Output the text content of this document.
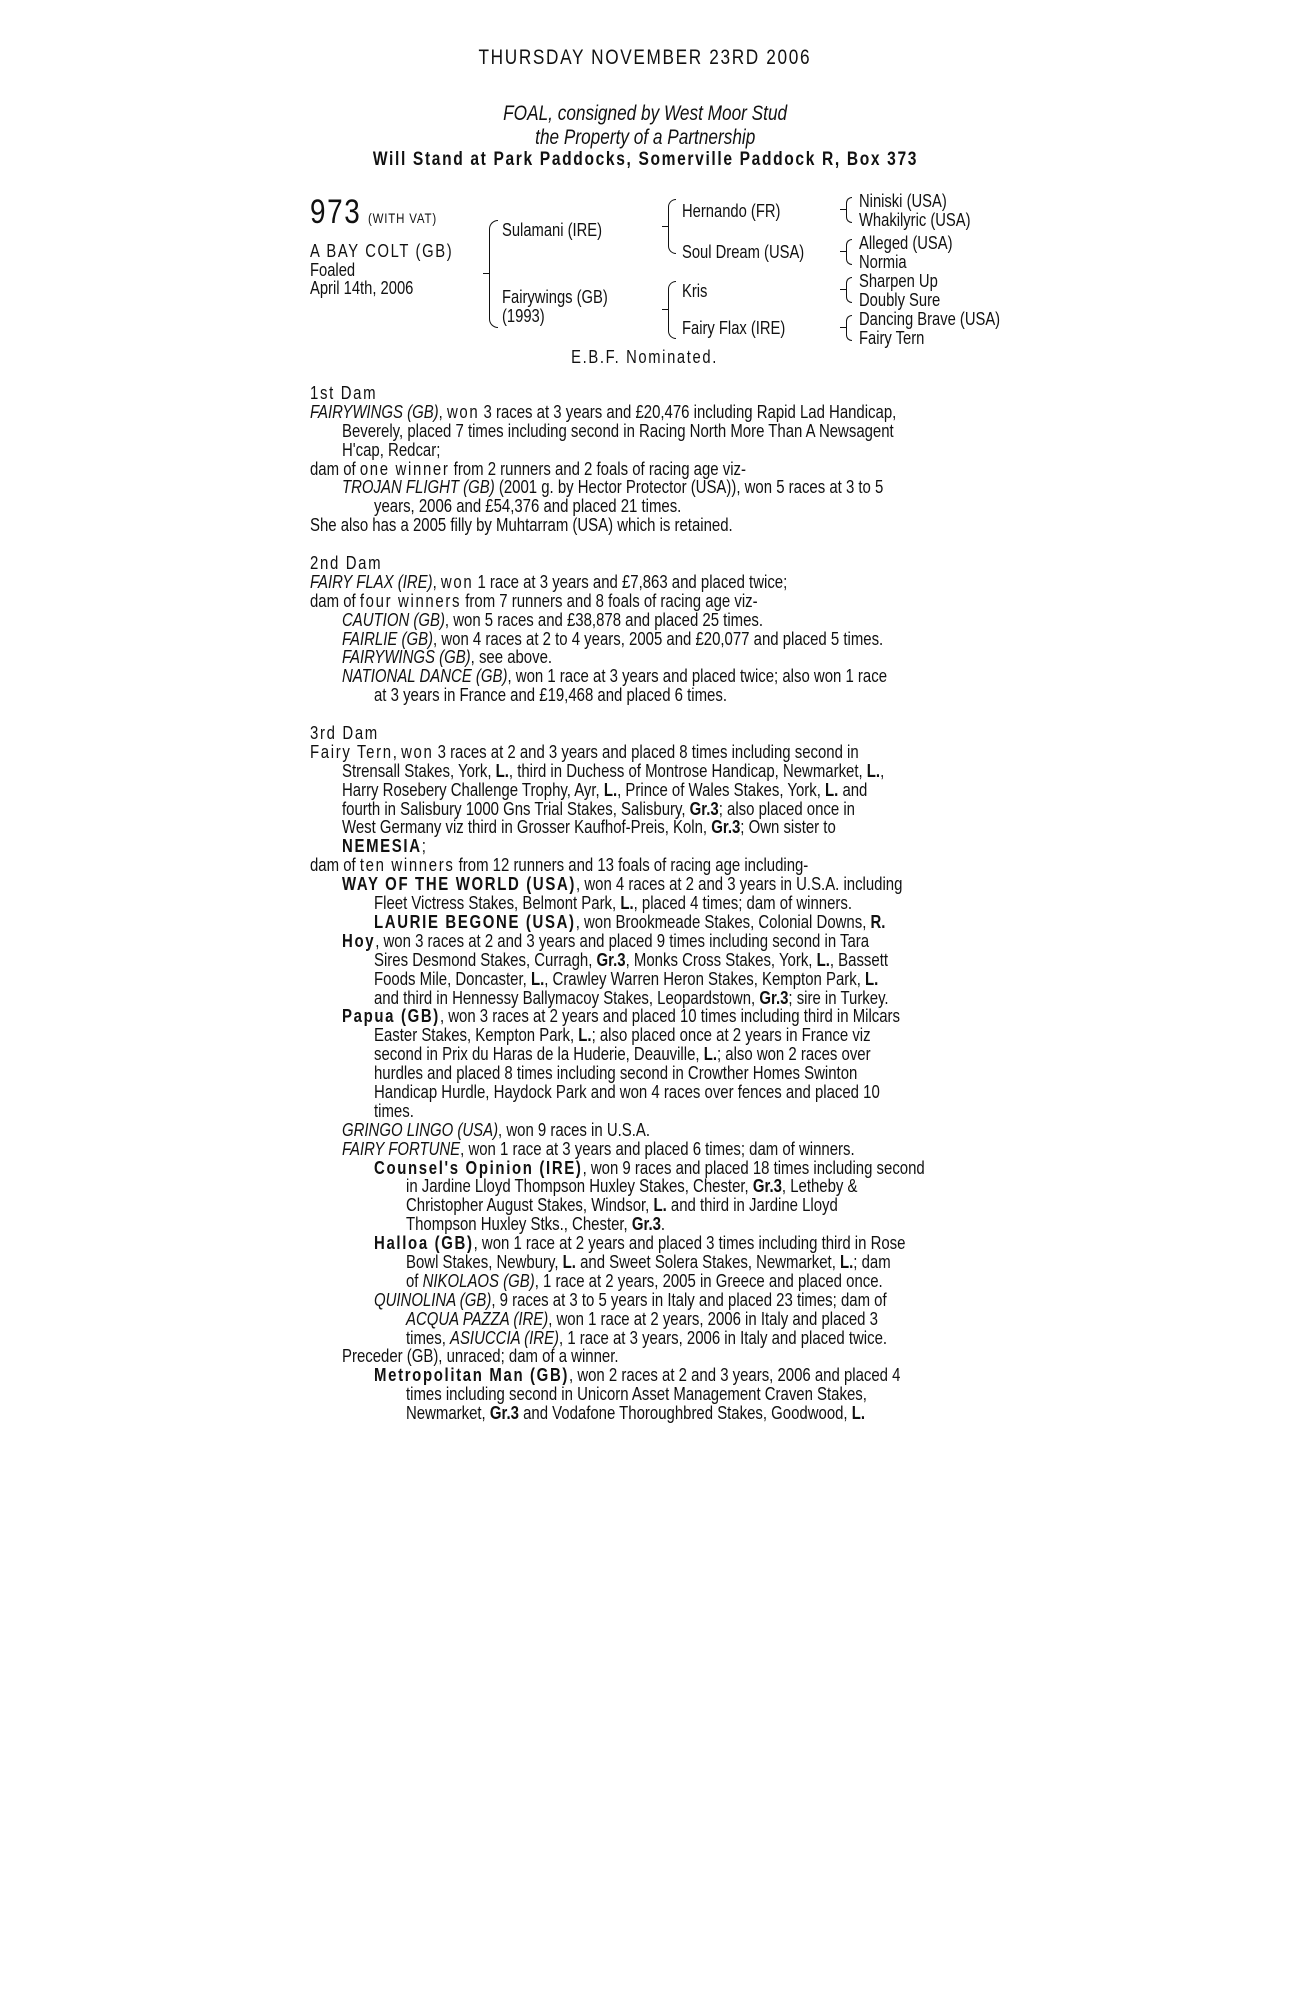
THURSDAY NOVEMBER 23RD 2006
FOAL, consigned by West Moor Stud
the Property of a Partnership
Will Stand at Park Paddocks, Somerville Paddock R, Box 373
973 (WITH VAT)
A BAY COLT (GB)
Foaled
April 14th, 2006
Sulamani (IRE)
Fairywings (GB)
(1993)
Hernando (FR)
Soul Dream (USA)
Kris
Fairy Flax (IRE)
Niniski (USA)
Whakilyric (USA)
Alleged (USA)
Normia
Sharpen Up
Doubly Sure
Dancing Brave (USA)
Fairy Tern
E.B.F. Nominated.
1st Dam
FAIRYWINGS (GB), won 3 races at 3 years and £20,476 including Rapid Lad Handicap,
Beverely, placed 7 times including second in Racing North More Than A Newsagent
H'cap, Redcar;
dam of one winner from 2 runners and 2 foals of racing age viz-
TROJAN FLIGHT (GB) (2001 g. by Hector Protector (USA)), won 5 races at 3 to 5
years, 2006 and £54,376 and placed 21 times.
She also has a 2005 filly by Muhtarram (USA) which is retained.
2nd Dam
FAIRY FLAX (IRE), won 1 race at 3 years and £7,863 and placed twice;
dam of four winners from 7 runners and 8 foals of racing age viz-
CAUTION (GB), won 5 races and £38,878 and placed 25 times.
FAIRLIE (GB), won 4 races at 2 to 4 years, 2005 and £20,077 and placed 5 times.
FAIRYWINGS (GB), see above.
NATIONAL DANCE (GB), won 1 race at 3 years and placed twice; also won 1 race
at 3 years in France and £19,468 and placed 6 times.
3rd Dam
Fairy Tern, won 3 races at 2 and 3 years and placed 8 times including second in
Strensall Stakes, York, L., third in Duchess of Montrose Handicap, Newmarket, L.,
Harry Rosebery Challenge Trophy, Ayr, L., Prince of Wales Stakes, York, L. and
fourth in Salisbury 1000 Gns Trial Stakes, Salisbury, Gr.3; also placed once in
West Germany viz third in Grosser Kaufhof-Preis, Koln, Gr.3; Own sister to
NEMESIA;
dam of ten winners from 12 runners and 13 foals of racing age including-
WAY OF THE WORLD (USA), won 4 races at 2 and 3 years in U.S.A. including
Fleet Victress Stakes, Belmont Park, L., placed 4 times; dam of winners.
LAURIE BEGONE (USA), won Brookmeade Stakes, Colonial Downs, R.
Hoy, won 3 races at 2 and 3 years and placed 9 times including second in Tara
Sires Desmond Stakes, Curragh, Gr.3, Monks Cross Stakes, York, L., Bassett
Foods Mile, Doncaster, L., Crawley Warren Heron Stakes, Kempton Park, L.
and third in Hennessy Ballymacoy Stakes, Leopardstown, Gr.3; sire in Turkey.
Papua (GB), won 3 races at 2 years and placed 10 times including third in Milcars
Easter Stakes, Kempton Park, L.; also placed once at 2 years in France viz
second in Prix du Haras de la Huderie, Deauville, L.; also won 2 races over
hurdles and placed 8 times including second in Crowther Homes Swinton
Handicap Hurdle, Haydock Park and won 4 races over fences and placed 10
times.
GRINGO LINGO (USA), won 9 races in U.S.A.
FAIRY FORTUNE, won 1 race at 3 years and placed 6 times; dam of winners.
Counsel's Opinion (IRE), won 9 races and placed 18 times including second
in Jardine Lloyd Thompson Huxley Stakes, Chester, Gr.3, Letheby &
Christopher August Stakes, Windsor, L. and third in Jardine Lloyd
Thompson Huxley Stks., Chester, Gr.3.
Halloa (GB), won 1 race at 2 years and placed 3 times including third in Rose
Bowl Stakes, Newbury, L. and Sweet Solera Stakes, Newmarket, L.; dam
of NIKOLAOS (GB), 1 race at 2 years, 2005 in Greece and placed once.
QUINOLINA (GB), 9 races at 3 to 5 years in Italy and placed 23 times; dam of
ACQUA PAZZA (IRE), won 1 race at 2 years, 2006 in Italy and placed 3
times, ASIUCCIA (IRE), 1 race at 3 years, 2006 in Italy and placed twice.
Preceder (GB), unraced; dam of a winner.
Metropolitan Man (GB), won 2 races at 2 and 3 years, 2006 and placed 4
times including second in Unicorn Asset Management Craven Stakes,
Newmarket, Gr.3 and Vodafone Thoroughbred Stakes, Goodwood, L.
